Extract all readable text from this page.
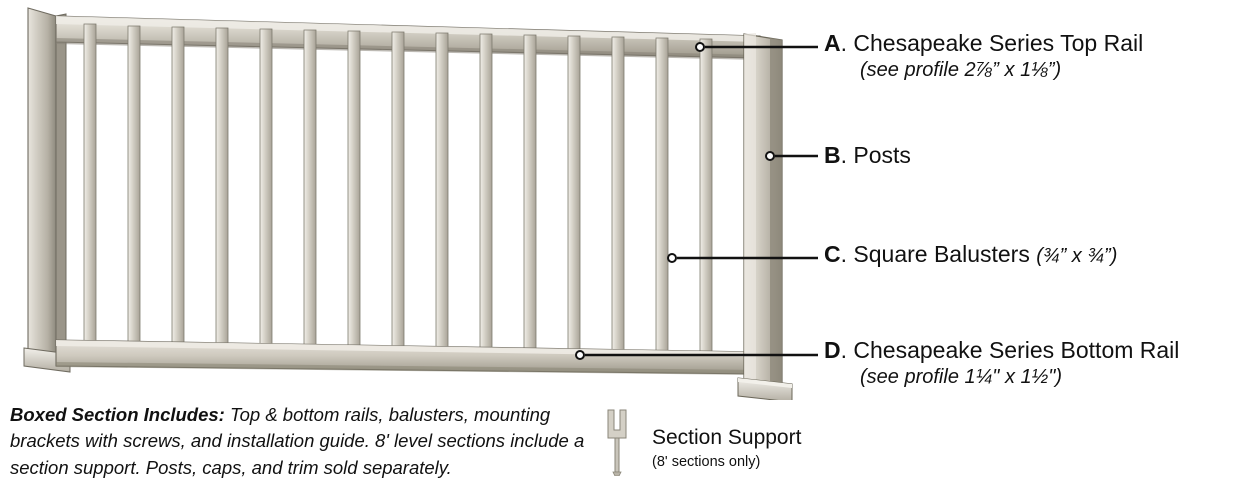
A. Chesapeake Series Top Rail
(see profile 2⅞” x 1⅛”)
B. Posts
C. Square Balusters (¾” x ¾”)
D. Chesapeake Series Bottom Rail
(see profile 1¼" x 1½")
Boxed Section Includes: Top & bottom rails, balusters, mounting brackets with screws, and installation guide. 8' level sections include a section support. Posts, caps, and trim sold separately.
Section Support
(8' sections only)
